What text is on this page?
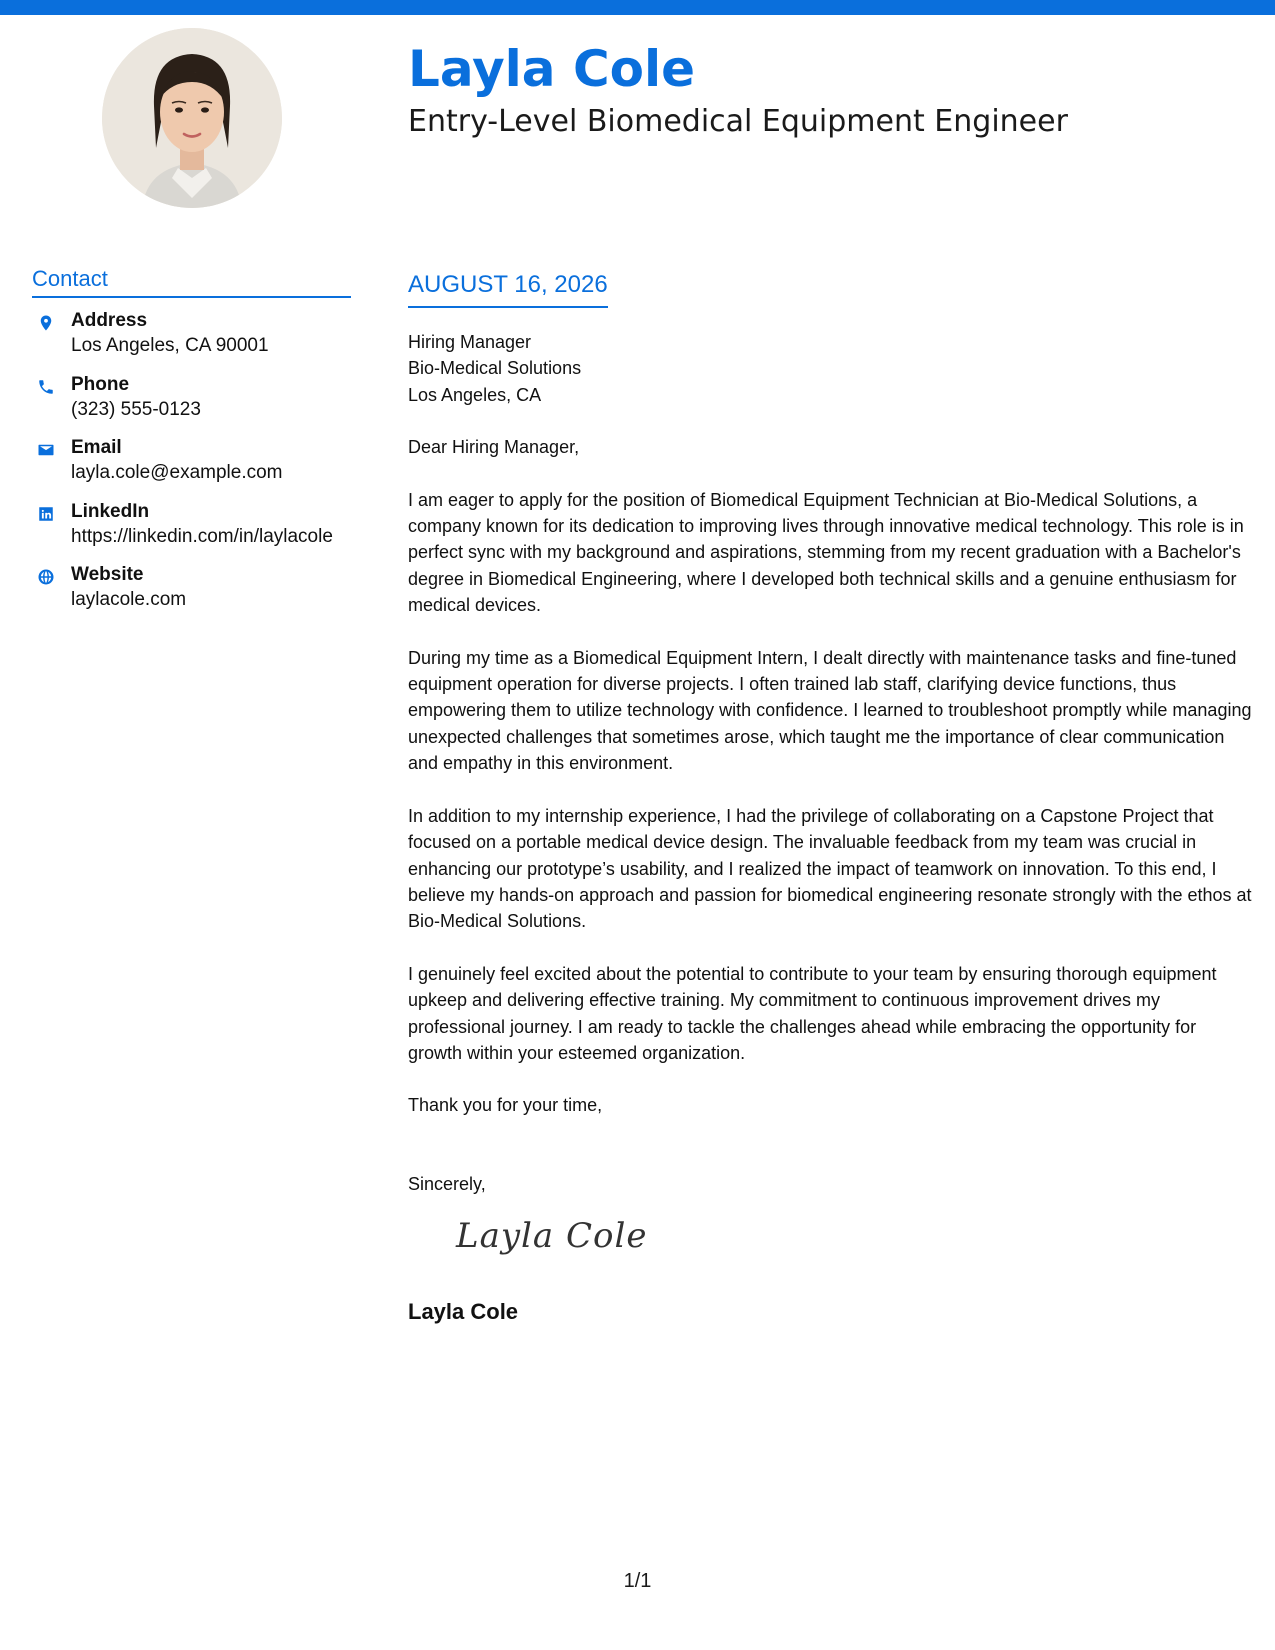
Layla Cole
Entry-Level Biomedical Equipment Engineer
Contact
Address
Los Angeles, CA 90001
Phone
(323) 555-0123
Email
layla.cole@example.com
LinkedIn
https://linkedin.com/in/laylacole
Website
laylacole.com
AUGUST 16, 2026
Hiring Manager
Bio-Medical Solutions
Los Angeles, CA
Dear Hiring Manager,
I am eager to apply for the position of Biomedical Equipment Technician at Bio-Medical Solutions, a company known for its dedication to improving lives through innovative medical technology. This role is in perfect sync with my background and aspirations, stemming from my recent graduation with a Bachelor's degree in Biomedical Engineering, where I developed both technical skills and a genuine enthusiasm for medical devices.
During my time as a Biomedical Equipment Intern, I dealt directly with maintenance tasks and fine-tuned equipment operation for diverse projects. I often trained lab staff, clarifying device functions, thus empowering them to utilize technology with confidence. I learned to troubleshoot promptly while managing unexpected challenges that sometimes arose, which taught me the importance of clear communication and empathy in this environment.
In addition to my internship experience, I had the privilege of collaborating on a Capstone Project that focused on a portable medical device design. The invaluable feedback from my team was crucial in enhancing our prototype’s usability, and I realized the impact of teamwork on innovation. To this end, I believe my hands-on approach and passion for biomedical engineering resonate strongly with the ethos at Bio-Medical Solutions.
I genuinely feel excited about the potential to contribute to your team by ensuring thorough equipment upkeep and delivering effective training. My commitment to continuous improvement drives my professional journey. I am ready to tackle the challenges ahead while embracing the opportunity for growth within your esteemed organization.
Thank you for your time,
Sincerely,
Layla Cole
Layla Cole
1/1
